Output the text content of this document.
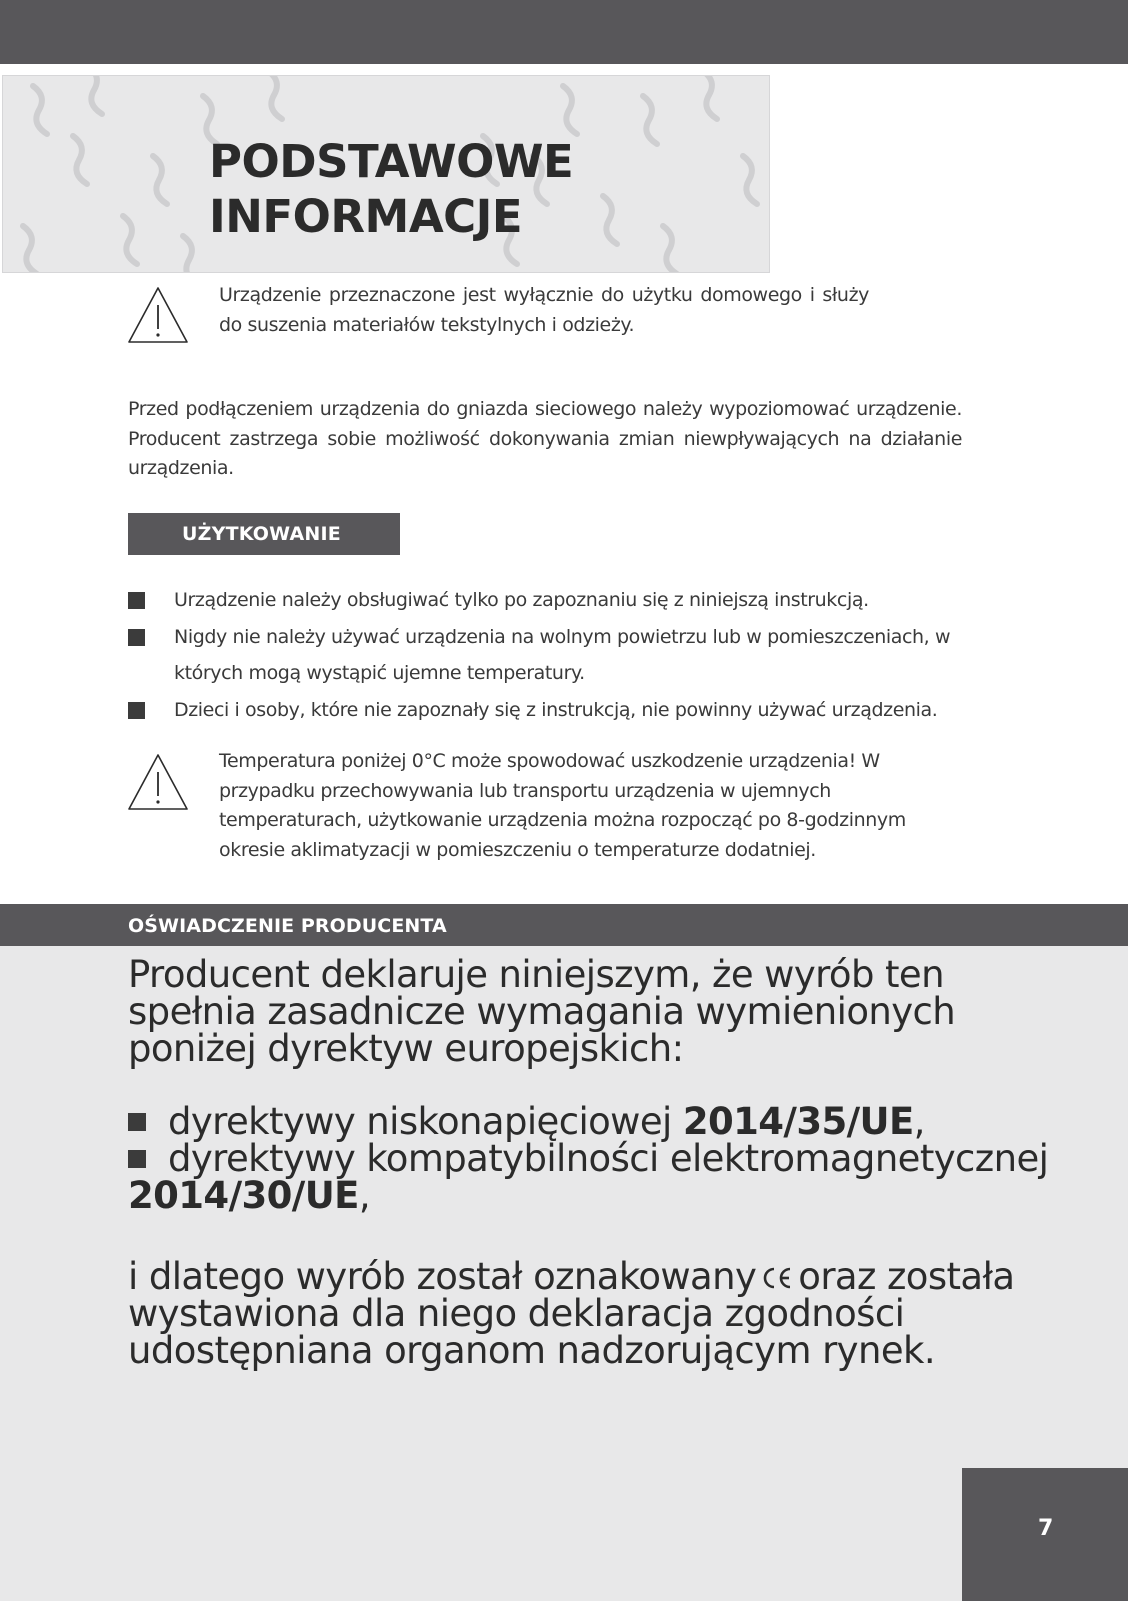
PODSTAWOWE
INFORMACJE

Urządzenie przeznaczone jest wyłącznie do użytku domowego i służy do suszenia materiałów tekstylnych i odzieży.

Przed podłączeniem urządzenia do gniazda sieciowego należy wypoziomować urządzenie. Producent zastrzega sobie możliwość dokonywania zmian niewpływających na działanie urządzenia.

UŻYTKOWANIE
Urządzenie należy obsługiwać tylko po zapoznaniu się z niniejszą instrukcją.
Nigdy nie należy używać urządzenia na wolnym powietrzu lub w pomieszczeniach, w których mogą wystąpić ujemne temperatury.
Dzieci i osoby, które nie zapoznały się z instrukcją, nie powinny używać urządzenia.

Temperatura poniżej 0°C może spowodować uszkodzenie urządzenia! W przypadku przechowywania lub transportu urządzenia w ujemnych temperaturach, użytkowanie urządzenia można rozpocząć po 8-godzinnym okresie aklimatyzacji w pomieszczeniu o temperaturze dodatniej.

OŚWIADCZENIE PRODUCENTA

Producent deklaruje niniejszym, że wyrób ten spełnia zasadnicze wymagania wymienionych poniżej dyrektyw europejskich:

dyrektywy niskonapięciowej 2014/35/UE,
dyrektywy kompatybilności elektromagnetycznej 2014/30/UE,

i dlatego wyrób został oznakowany oraz została wystawiona dla niego deklaracja zgodności udostępniana organom nadzorującym rynek.

7
